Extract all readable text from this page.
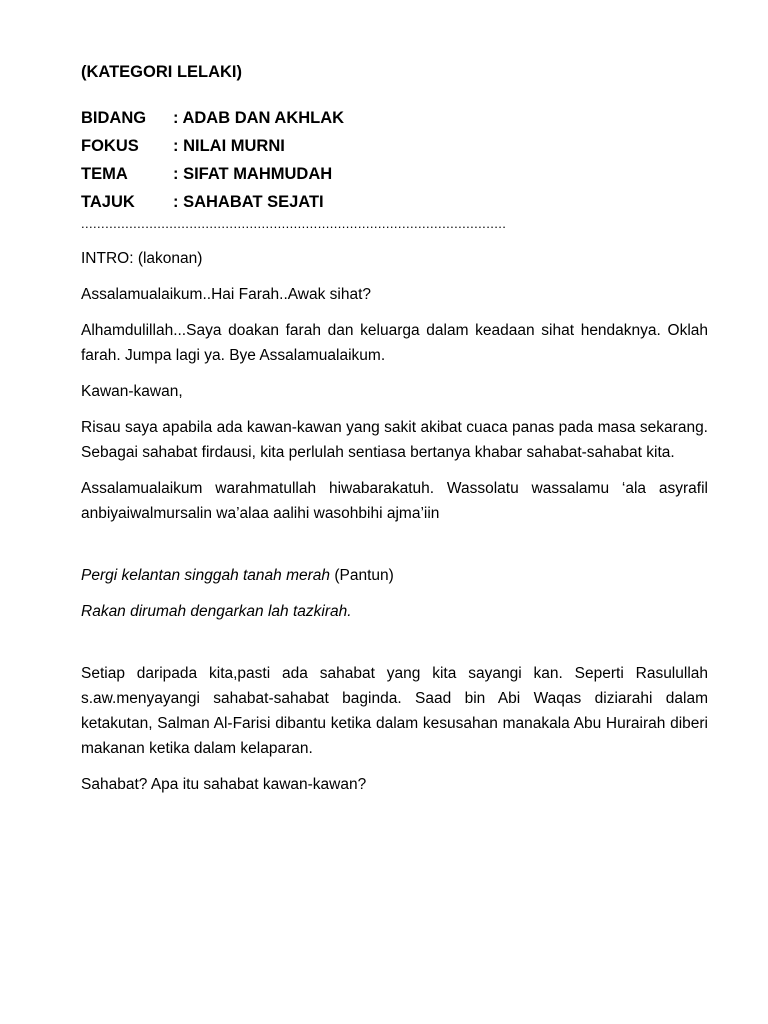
(KATEGORI LELAKI)
BIDANG	: ADAB DAN AKHLAK
FOKUS	: NILAI MURNI
TEMA	: SIFAT MAHMUDAH
TAJUK	: SAHABAT SEJATI
..........................................................................................................

INTRO: (lakonan)

Assalamualaikum..Hai Farah..Awak sihat?

Alhamdulillah...Saya doakan farah dan keluarga dalam keadaan sihat hendaknya. Oklah farah. Jumpa lagi ya. Bye Assalamualaikum.

Kawan-kawan,

Risau saya apabila ada kawan-kawan yang sakit akibat cuaca panas pada masa sekarang. Sebagai sahabat firdausi, kita perlulah sentiasa bertanya khabar sahabat-sahabat kita.

Assalamualaikum warahmatullah hiwabarakatuh. Wassolatu wassalamu ‘ala asyrafil anbiyaiwalmursalin wa’alaa aalihi wasohbihi ajma’iin

Pergi kelantan singgah tanah merah (Pantun)

Rakan dirumah dengarkan lah tazkirah.

Setiap daripada kita,pasti ada sahabat yang kita sayangi kan. Seperti Rasulullah s.aw.menyayangi sahabat-sahabat baginda. Saad bin Abi Waqas diziarahi dalam ketakutan, Salman Al-Farisi dibantu ketika dalam kesusahan manakala Abu Hurairah diberi makanan ketika dalam kelaparan.

Sahabat? Apa itu sahabat kawan-kawan?
